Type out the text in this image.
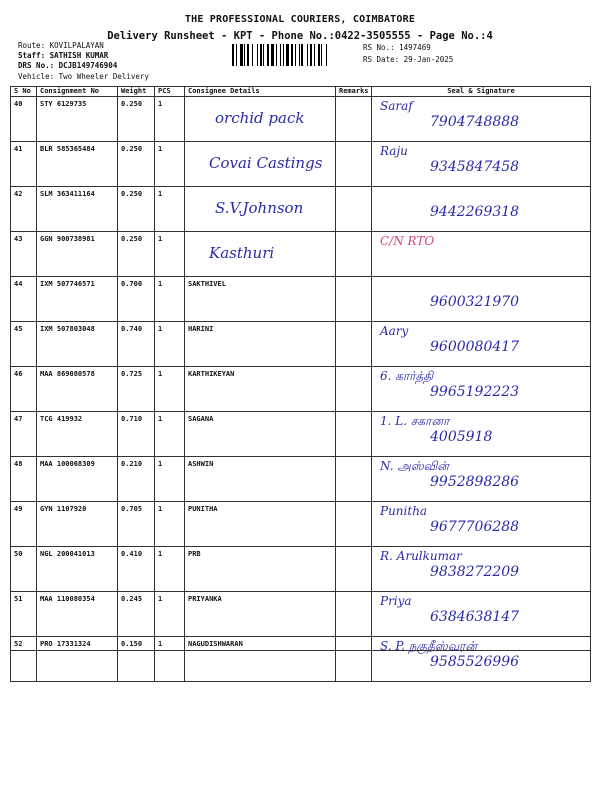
THE PROFESSIONAL COURIERS, COIMBATORE
Delivery Runsheet - KPT - Phone No.:0422-3505555 - Page No.:4
Route: KOVILPALAYAN
Staff: SATHISH KUMAR
DRS No.: DCJB149746904
Vehicle: Two Wheeler Delivery
RS No.: 1497469
RS Date: 29-Jan-2025
S No	Consignment No	Weight	PCS	Consignee Details	Remarks	Seal & Signature
40	STY 6129735	0.250	1	orchid pack		Saraf
7904748888

41	BLR 585365484	0.250	1	Covai Castings		Raju
9345847458

42	SLM 363411164	0.250	1	S.V.Johnson		9442269318

43	GGN 900738981	0.250	1	Kasthuri		C/N RTO

44	IXM 507746571	0.700	1	SAKTHIVEL		9600321970

45	IXM 507803048	0.740	1	HARINI		Aary
9600080417

46	MAA 869080578	0.725	1	KARTHIKEYAN		6. கார்த்தி
9965192223

47	TCG 419932	0.710	1	SAGANA		1. L. சகானா
4005918

48	MAA 100068309	0.210	1	ASHWIN		N. அஸ்வின்
9952898286

49	GYN 1107920	0.705	1	PUNITHA		Punitha
9677706288

50	NGL 200041013	0.410	1	PRB		R. Arulkumar
9838272209

51	MAA 110080354	0.245	1	PRIYANKA		Priya
6384638147

52	PRO 17331324	0.150	1	NAGUDISHWARAN		S. P. நகுதீஸ்வரன்
9585526996
